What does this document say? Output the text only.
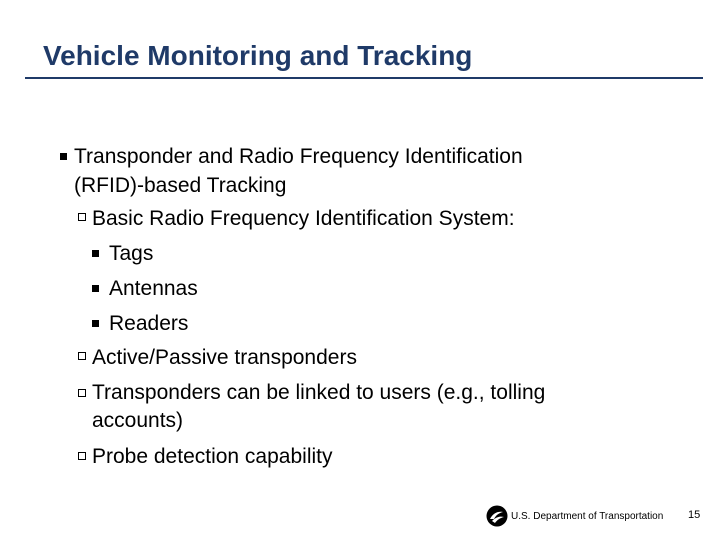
Vehicle Monitoring and Tracking
Transponder and Radio Frequency Identification
(RFID)-based Tracking
Basic Radio Frequency Identification System:
Tags
Antennas
Readers
Active/Passive transponders
Transponders can be linked to users (e.g., tolling
accounts)
Probe detection capability
U.S. Department of Transportation 15
